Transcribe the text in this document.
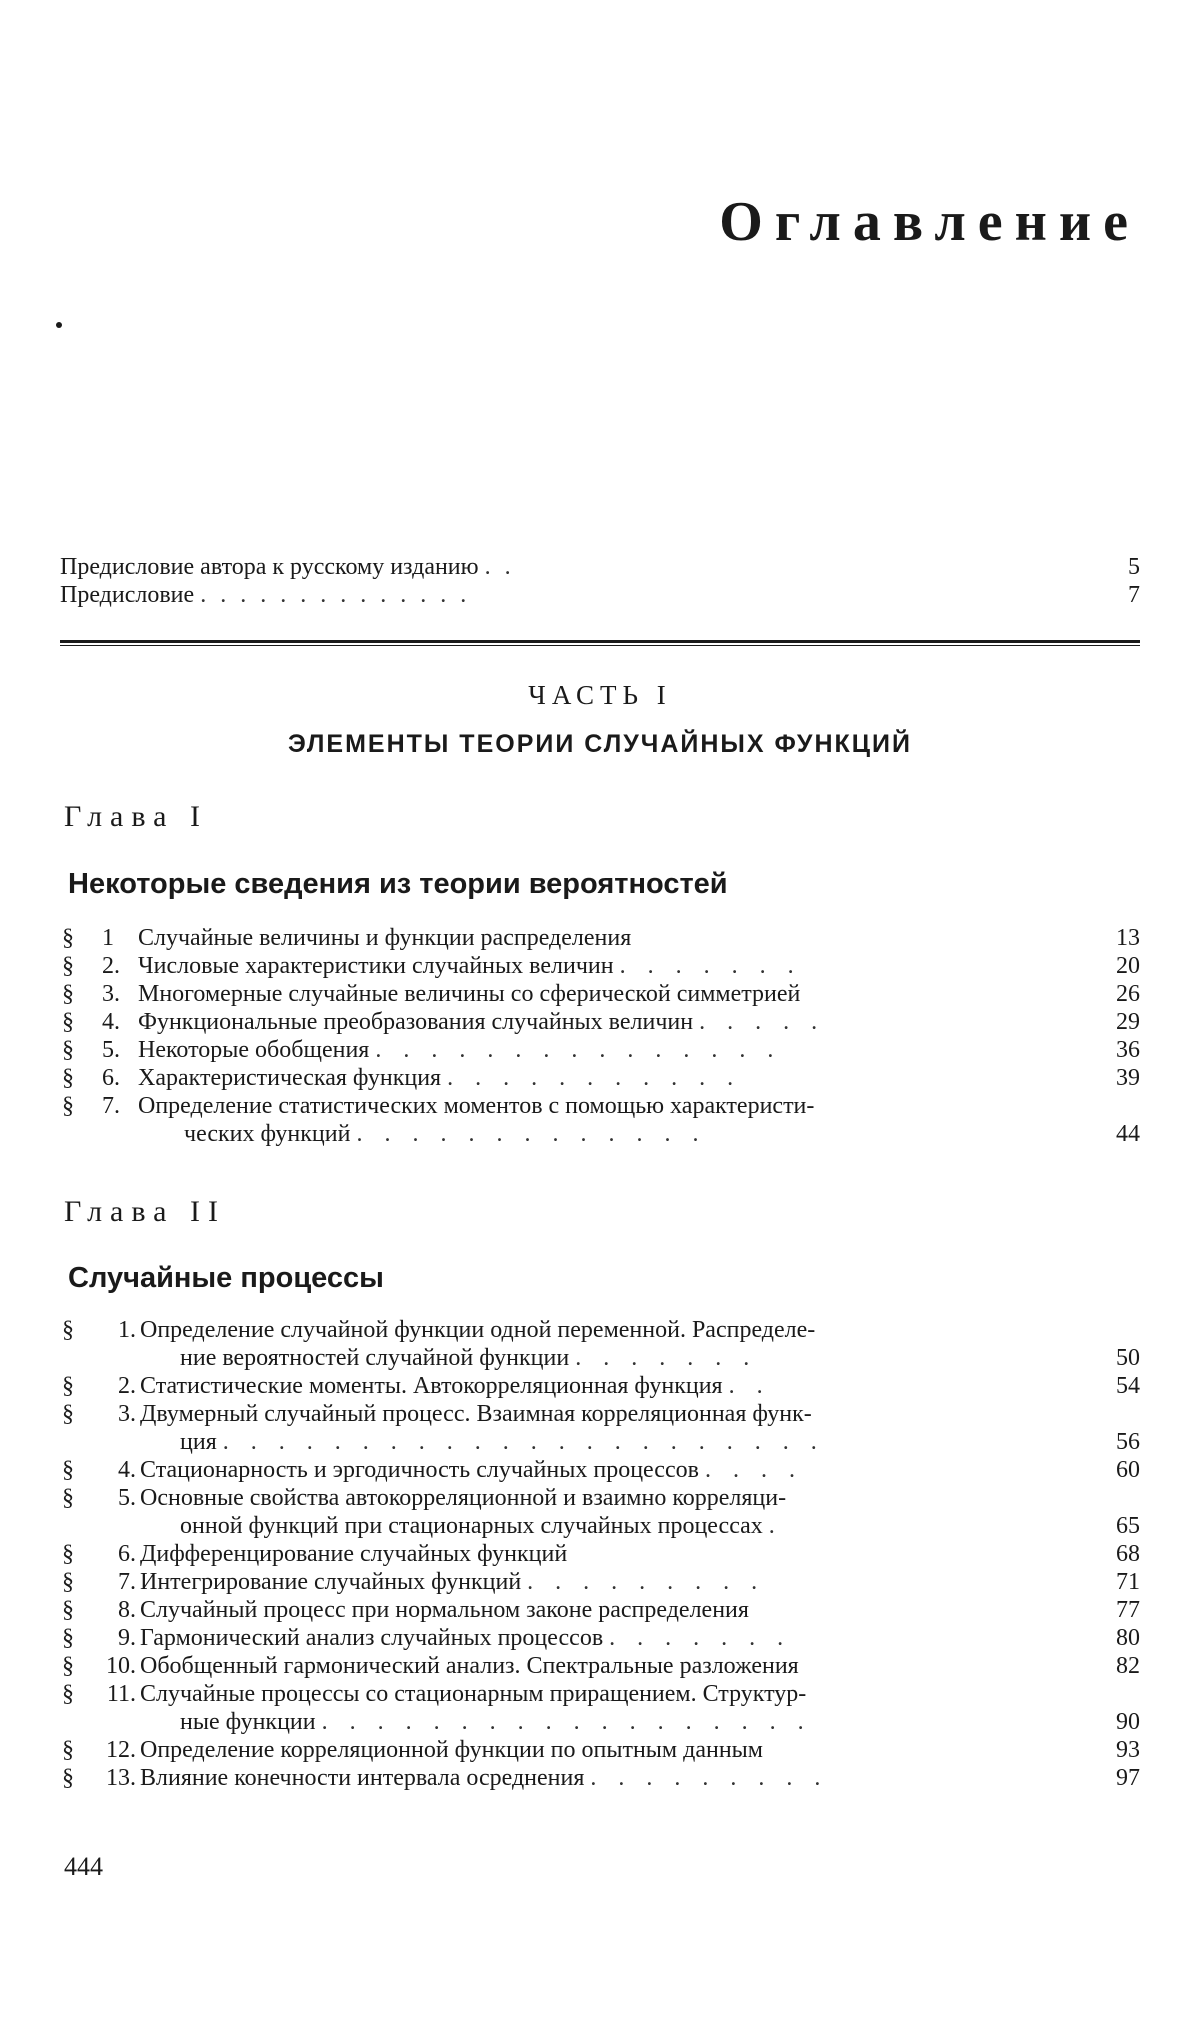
Оглавление
Предисловие автора к русскому изданию . .	5
Предисловие . . . . . . . . . . . . . .	7
ЧАСТЬ I
ЭЛЕМЕНТЫ ТЕОРИИ СЛУЧАЙНЫХ ФУНКЦИЙ
Глава I
Некоторые сведения из теории вероятностей
§	1 Случайные величины и функции распределения	13
§	2. Числовые характеристики случайных величин . . . . . . .	20
§	3. Многомерные случайные величины со сферической симметрией	26
§	4. Функциональные преобразования случайных величин . . . . .	29
§	5. Некоторые обобщения . . . . . . . . . . . . . . .	36
§	6. Характеристическая функция . . . . . . . . . . .	39
§	7. Определение статистических моментов с помощью характеристи-
ческих функций . . . . . . . . . . . . .	44
Глава II
Случайные процессы
§	1. Определение случайной функции одной переменной. Распределе-
ние вероятностей случайной функции . . . . . . .	50
§	2. Статистические моменты. Автокорреляционная функция . .	54
§	3. Двумерный случайный процесс. Взаимная корреляционная функ-
ция . . . . . . . . . . . . . . . . . . . . . .	56
§	4. Стационарность и эргодичность случайных процессов . . . .	60
§	5. Основные свойства автокорреляционной и взаимно корреляци-
онной функций при стационарных случайных процессах .	65
§	6. Дифференцирование случайных функций	68
§	7. Интегрирование случайных функций . . . . . . . . .	71
§	8. Случайный процесс при нормальном законе распределения	77
§	9. Гармонический анализ случайных процессов . . . . . . .	80
§ 10. Обобщенный гармонический анализ. Спектральные разложения	82
§ 11. Случайные процессы со стационарным приращением. Структур-
ные функции . . . . . . . . . . . . . . . . . .	90
§ 12. Определение корреляционной функции по опытным данным	93
§ 13. Влияние конечности интервала осреднения . . . . . . . . .	97
444
